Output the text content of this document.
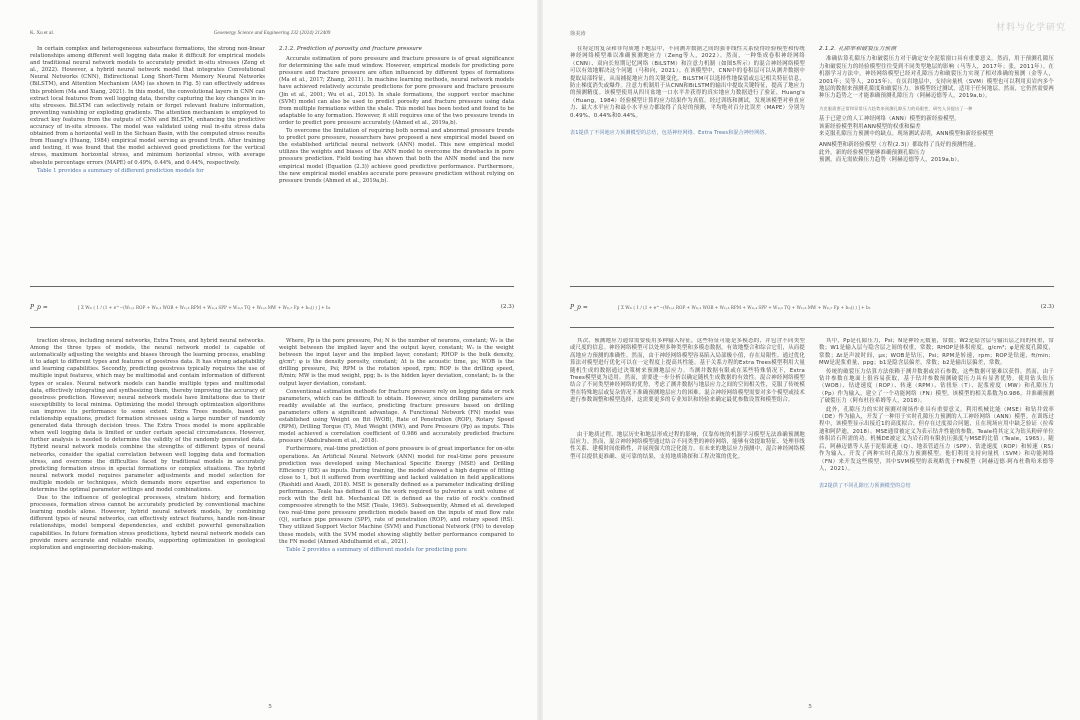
K. Xu et al.	Geoenergy Science and Engineering 232 (2024) 212409

In certain complex and heterogeneous subsurface formations, the strong non-linear relationships among different well logging data make it difficult for empirical models and traditional neural network models to accurately predict in-situ stresses (Zeng et al., 2022). However, a hybrid neural network model that integrates Convolutional Neural Networks (CNN), Bidirectional Long Short-Term Memory Neural Networks (BiLSTM), and Attention Mechanism (AM) (as shown in Fig. 5) can effectively address this problem (Ma and Xiang, 2021). In this model, the convolutional layers in CNN can extract local features from well logging data, thereby capturing the key changes in in-situ stresses. BiLSTM can selectively retain or forget relevant feature information, preventing vanishing or exploding gradients. The attention mechanism is employed to extract key features from the outputs of CNN and BiLSTM, enhancing the predictive accuracy of in-situ stresses. The model was validated using real in-situ stress data obtained from a horizontal well in the Sichuan Basin, with the computed stress results from Huang's (Huang, 1984) empirical model serving as ground truth. After training and testing, it was found that the model achieved good predictions for the vertical stress, maximum horizontal stress, and minimum horizontal stress, with average absolute percentage errors (MAPE) of 0.49%, 0.44%, and 0.44%, respectively.

Table 1 provides a summary of different prediction models for

2.1.2. Prediction of porosity and fracture pressure

Accurate estimation of pore pressure and fracture pressure is of great significance for determining the safe mud window. However, empirical models for predicting pore pressure and fracture pressure are often influenced by different types of formations (Ma et al., 2017; Zhang, 2011). In machine learning methods, neural network models have achieved relatively accurate predictions for pore pressure and fracture pressure (Jin et al., 2001; Wu et al., 2015). In shale formations, the support vector machine (SVM) model can also be used to predict porosity and fracture pressure using data from multiple formations within the shale. This model has been tested and found to be adaptable to any formation. However, it still requires one of the two pressure trends in order to predict pore pressure accurately (Ahmed et al., 2019a,b).

To overcome the limitation of requiring both normal and abnormal pressure trends to predict pore pressure, researchers have proposed a new empirical model based on the established artificial neural network (ANN) model. This new empirical model utilizes the weights and biases of the ANN model to overcome the drawbacks in pore pressure prediction. Field testing has shown that both the ANN model and the new empirical model (Equation (2.3)) achieve good predictive performance. Furthermore, the new empirical model enables accurate pore pressure prediction without relying on pressure trends (Ahmed et al., 2019a,b).

P_p =	[ Σ W₂ᵢ ( 1 / (1 + e^−(W₁ᵢ,₁ ROP + W₁ᵢ,₂ WOB + W₁ᵢ,₃ RPM + W₁ᵢ,₄ SPP + W₁ᵢ,₅ TQ + W₁ᵢ,₆ MW + W₁ᵢ,₇ Fp + b₁ᵢ)) ) ] + b₂	(2.3)

traction stress, including neural networks, Extra Trees, and hybrid neural networks. Among the three types of models, the neural network model is capable of automatically adjusting the weights and biases through the learning process, enabling it to adapt to different types and features of geostress data. It has strong adaptability and learning capabilities. Secondly, predicting geostress typically requires the use of multiple input features, which may be multimodal and contain information of different types or scales. Neural network models can handle multiple types and multimodal data, effectively integrating and synthesizing them, thereby improving the accuracy of geostress prediction. However, neural network models have limitations due to their susceptibility to local minima. Optimizing the model through optimization algorithms can improve its performance to some extent. Extra Trees models, based on relationship equations, predict formation stresses using a large number of randomly generated data through decision trees. The Extra Trees model is more applicable when well logging data is limited or under certain special circumstances. However, further analysis is needed to determine the validity of the randomly generated data. Hybrid neural network models combine the strengths of different types of neural networks, consider the spatial correlation between well logging data and formation stress, and overcome the difficulties faced by traditional models in accurately predicting formation stress in special formations or complex situations. The hybrid neural network model requires parameter adjustments and model selection for multiple models or techniques, which demands more expertise and experience to determine the optimal parameter settings and model combinations.

Due to the influence of geological processes, stratum history, and formation processes, formation stress cannot be accurately predicted by conventional machine learning models alone. However, hybrid neural network models, by combining different types of neural networks, can effectively extract features, handle non-linear relationships, model temporal dependencies, and exhibit powerful generalization capabilities. In future formation stress predictions, hybrid neural network models can provide more accurate and reliable results, supporting optimization in geological exploration and engineering decision-making.

Where, Pp is the pore pressure, Psi; N is the number of neurons, constant; W₂ is the weight between the implied layer and the output layer, constant; W₁ is the weight between the input layer and the implied layer, constant; RHOP is the bulk density, g/cm³; φ is the density porosity, constant; Δt is the acoustic time, μs; WOB is the drilling pressure, Psi; RPM is the rotation speed, rpm; ROP is the drilling speed, ft/min; MW is the mud weight, ppg; b₁ is the hidden layer deviation, constant; b₂ is the output layer deviation, constant.

Conventional estimation methods for fracture pressure rely on logging data or rock parameters, which can be difficult to obtain. However, since drilling parameters are readily available at the surface, predicting fracture pressure based on drilling parameters offers a significant advantage. A Functional Network (FN) model was established using Weight on Bit (WOB), Rate of Penetration (ROP), Rotary Speed (RPM), Drilling Torque (T), Mud Weight (MW), and Pore Pressure (Pp) as inputs. This model achieved a correlation coefficient of 0.986 and accurately predicted fracture pressure (Abdulraheem et al., 2018).

Furthermore, real-time prediction of pore pressure is of great importance for on-site operations. An Artificial Neural Network (ANN) model for real-time pore pressure prediction was developed using Mechanical Specific Energy (MSE) and Drilling Efficiency (DE) as inputs. During training, the model showed a high degree of fitting close to 1, but it suffered from overfitting and lacked validation in field applications (Rashidi and Asadi, 2018). MSE is generally defined as a parameter indicating drilling performance. Teale has defined it as the work required to pulverize a unit volume of rock with the drill bit. Mechanical DE is defined as the ratio of rock's confined compressive strength to the MSE (Teale, 1965). Subsequently, Ahmed et al. developed two real-time pore pressure prediction models based on the inputs of mud flow rate (Q), surface pipe pressure (SPP), rate of penetration (ROP), and rotary speed (RS). They utilized Support Vector Machine (SVM) and Functional Network (FN) to develop these models, with the SVM model showing slightly better performance compared to the FN model (Ahmed Abdulhamid et al., 2021).

Table 2 provides a summary of different models for predicting pore

5
徐美涛
材料与化学研究

在特定的复杂和非均质地下地层中，不同测井数据之间的强非线性关系使得经验模型和传统神经网络模型难以准确预测地应力（Zeng等人，2022）。然而，一种集成卷积神经网络（CNN）、双向长短期记忆网络（BiLSTM）和注意力机制（如图5所示）的混合神经网络模型可以有效地解决这个问题（马和向，2021）。在该模型中，CNN中的卷积层可以从测井数据中提取局部特征，从而捕捉地应力的关键变化。BiLSTM可以选择性地保留或忘记相关特征信息，防止梯度消失或爆炸。注意力机制用于从CNN和BiLSTM的输出中提取关键特征，提高了地应力的预测精度。该模型使用从四川盆地一口水平井获得的真实地应力数据进行了验证，Huang's（Huang，1984）经验模型计算的应力结果作为真值。经过训练和测试，发现该模型对垂直应力、最大水平应力和最小水平应力都取得了良好的预测，平均绝对百分比误差（MAPE）分别为0.49%、0.44%和0.44%。

表1提供了不同地应力预测模型的总结，包括神经网络、Extra Trees和混合神经网络。
2.1.2. 孔隙率和破裂压力预测

准确估算孔隙压力和破裂压力对于确定安全泥浆窗口具有重要意义。然而，用于预测孔隙压力和破裂压力的经验模型往往受到不同类型地层的影响（马等人，2017年；张，2011年）。在机器学习方法中，神经网络模型已经对孔隙压力和破裂压力实现了相对准确的预测（金等人，2001年；吴等人，2015年）。在页岩地层中，支持向量机（SVM）模型也可以利用页岩内多个地层的数据来预测孔隙度和破裂压力。该模型经过测试，适用于任何地层。然而，它仍然需要两种压力趋势之一才能准确预测孔隙压力（阿赫迈德等人，2019a,b）。

为克服需要正常和异常压力趋势来预测孔隙压力的局限性，研究人员提出了一种
基于已建立的人工神经网络（ANN）模型的新经验模型。
该新经验模型利用ANN模型的权重和偏差
来克服孔隙压力预测中的缺点。现场测试表明，ANN模型和新经验模型
ANN模型和新经验模型（方程(2.3)）都取得了良好的预测性能。
此外，新的经验模型能够准确预测孔隙压力
预测，而无需依赖压力趋势（阿赫迈德等人，2019a,b）。
P_p =	[ Σ W₂ᵢ ( 1 / (1 + e^−(W₁ᵢ,₁ ROP + W₁ᵢ,₂ WOB + W₁ᵢ,₃ RPM + W₁ᵢ,₄ SPP + W₁ᵢ,₅ TQ + W₁ᵢ,₆ MW + W₁ᵢ,₇ Fp + b₁ᵢ)) ) ] + b₂	(2.3)

其次，预测地应力通常需要使用多种输入特征，这些特征可能是多模态的，并包含不同类型或尺度的信息。神经网络模型可以处理多种类型和多模态数据，有效地整合和综合它们，从而提高地应力预测的准确性。然而，由于神经网络模型容易陷入局部极小值，存在局限性。通过优化算法对模型进行优化可以在一定程度上提高其性能。基于关系方程的Extra Trees模型利用大量随机生成的数据通过决策树来预测地层应力。当测井数据有限或在某些特殊情况下，Extra Trees模型更为适用。然而，需要进一步分析以确定随机生成数据的有效性。混合神经网络模型结合了不同类型神经网络的优势，考虑了测井数据与地层应力之间的空间相关性，克服了传统模型在特殊地层或复杂情况下准确预测地层应力的困难。混合神经网络模型需要对多个模型或技术进行参数调整和模型选择，这需要更多的专业知识和经验来确定最优参数设置和模型组合。

由于地质过程、地层历史和地层形成过程的影响，仅靠传统的机器学习模型无法准确预测地层应力。然而，混合神经网络模型通过结合不同类型的神经网络，能够有效提取特征、处理非线性关系、建模时间依赖性，并展现强大的泛化能力。在未来的地层应力预测中，混合神经网络模型可以提供更准确、更可靠的结果，支持地质勘探和工程决策的优化。

其中，Pp是孔隙压力，Psi；N是神经元数量，常数；W2是隐含层与输出层之间的权重，常数；W1是输入层与隐含层之间的权重，常数；RHOP是体积密度，g/cm³；φ是密度孔隙度，常数；Δt是声波时间，μs；WOB是钻压，Psi；RPM是转速，rpm；ROP是钻速，ft/min；MW是泥浆重量，ppg；b1是隐含层偏差，常数；b2是输出层偏差，常数。

传统的破裂压力估算方法依赖于测井数据或岩石参数，这些数据可能难以获得。然而，由于钻井参数在地面上很容易获取，基于钻井参数预测破裂压力具有显著优势。使用钻头钻压（WOB）、钻进速度（ROP）、转速（RPM）、钻扭矩（T）、泥浆密度（MW）和孔隙压力（Pp）作为输入，建立了一个功能网络（FN）模型。该模型的相关系数为0.986，并准确预测了破裂压力（阿布杜拉希姆等人，2018）。

此外，孔隙压力的实时预测对现场作业具有重要意义。利用机械比能（MSE）和钻井效率（DE）作为输入，开发了一种用于实时孔隙压力预测的人工神经网络（ANN）模型。在训练过程中，该模型显示出接近1的高度拟合，但存在过度拟合问题，且在现场应用中缺乏验证（拉希迪和阿萨迪，2018）。MSE通常被定义为表示钻井性能的参数。Teale将其定义为钻头粉碎单位体积岩石所需的功。机械DE被定义为岩石的有限抗压强度与MSE的比值（Teale，1965）。随后，阿赫迈德等人基于泥浆流速（Q）、地表管道压力（SPP）、钻进速度（ROP）和转速（RS）作为输入，开发了两种实时孔隙压力预测模型。他们利用支持向量机（SVM）和功能网络（FN）来开发这些模型，其中SVM模型的表现略优于FN模型（阿赫迈德·阿布杜勒哈米德等人，2021）。

表2提供了不同孔隙压力预测模型的总结
5
